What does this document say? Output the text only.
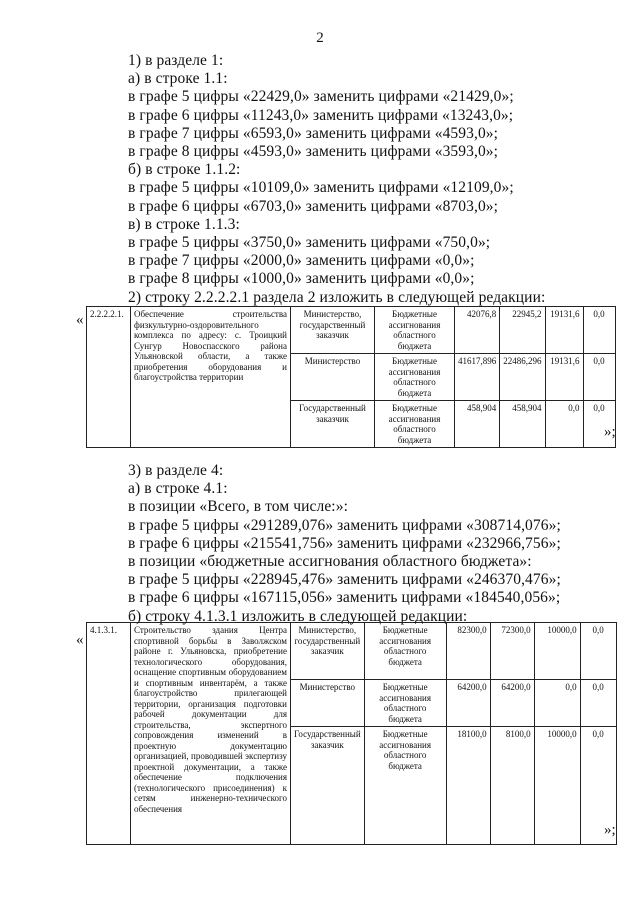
2
1) в разделе 1:
а) в строке 1.1:
в графе 5 цифры «22429,0» заменить цифрами «21429,0»;
в графе 6 цифры «11243,0» заменить цифрами «13243,0»;
в графе 7 цифры «6593,0» заменить цифрами «4593,0»;
в графе 8 цифры «4593,0» заменить цифрами «3593,0»;
б) в строке 1.1.2:
в графе 5 цифры «10109,0» заменить цифрами «12109,0»;
в графе 6 цифры «6703,0» заменить цифрами «8703,0»;
в) в строке 1.1.3:
в графе 5 цифры «3750,0» заменить цифрами «750,0»;
в графе 7 цифры «2000,0» заменить цифрами «0,0»;
в графе 8 цифры «1000,0» заменить цифрами «0,0»;
2) строку 2.2.2.2.1 раздела 2 изложить в следующей редакции:
« 2.2.2.2.1.	Обеспечение строительства физкультурно-оздоровительного комплекса по адресу: с. Троицкий Сунгур Новоспасского района Ульяновской области, а также приобретения оборудования и благоустройства территории	Министерство, государственный заказчик	Бюджетные ассигнования областного бюджета	42076,8	22945,2	19131,6	0,0
		Министерство	Бюджетные ассигнования областного бюджета	41617,896	22486,296	19131,6	0,0
		Государственный заказчик	Бюджетные ассигнования областного бюджета	458,904	458,904	0,0	0,0
»;
3) в разделе 4:
а) в строке 4.1:
в позиции «Всего, в том числе:»:
в графе 5 цифры «291289,076» заменить цифрами «308714,076»;
в графе 6 цифры «215541,756» заменить цифрами «232966,756»;
в позиции «бюджетные ассигнования областного бюджета»:
в графе 5 цифры «228945,476» заменить цифрами «246370,476»;
в графе 6 цифры «167115,056» заменить цифрами «184540,056»;
б) строку 4.1.3.1 изложить в следующей редакции:
«
4.1.3.1.	Строительство здания Центра спортивной борьбы в Заволжском районе г. Ульяновска, приобретение технологического оборудования, оснащение спортивным оборудованием и спортивным инвентарём, а также благоустройство прилегающей территории, организация подготовки рабочей документации для строительства, экспертного сопровождения изменений в проектную документацию организацией, проводившей экспертизу проектной документации, а также обеспечение подключения (технологического присоединения) к сетям инженерно-технического обеспечения	Министерство, государственный заказчик	Бюджетные ассигнования областного бюджета	82300,0	72300,0	10000,0	0,0
		Министерство	Бюджетные ассигнования областного бюджета	64200,0	64200,0	0,0	0,0
		Государственный заказчик	Бюджетные ассигнования областного бюджета	18100,0	8100,0	10000,0	0,0
»;
